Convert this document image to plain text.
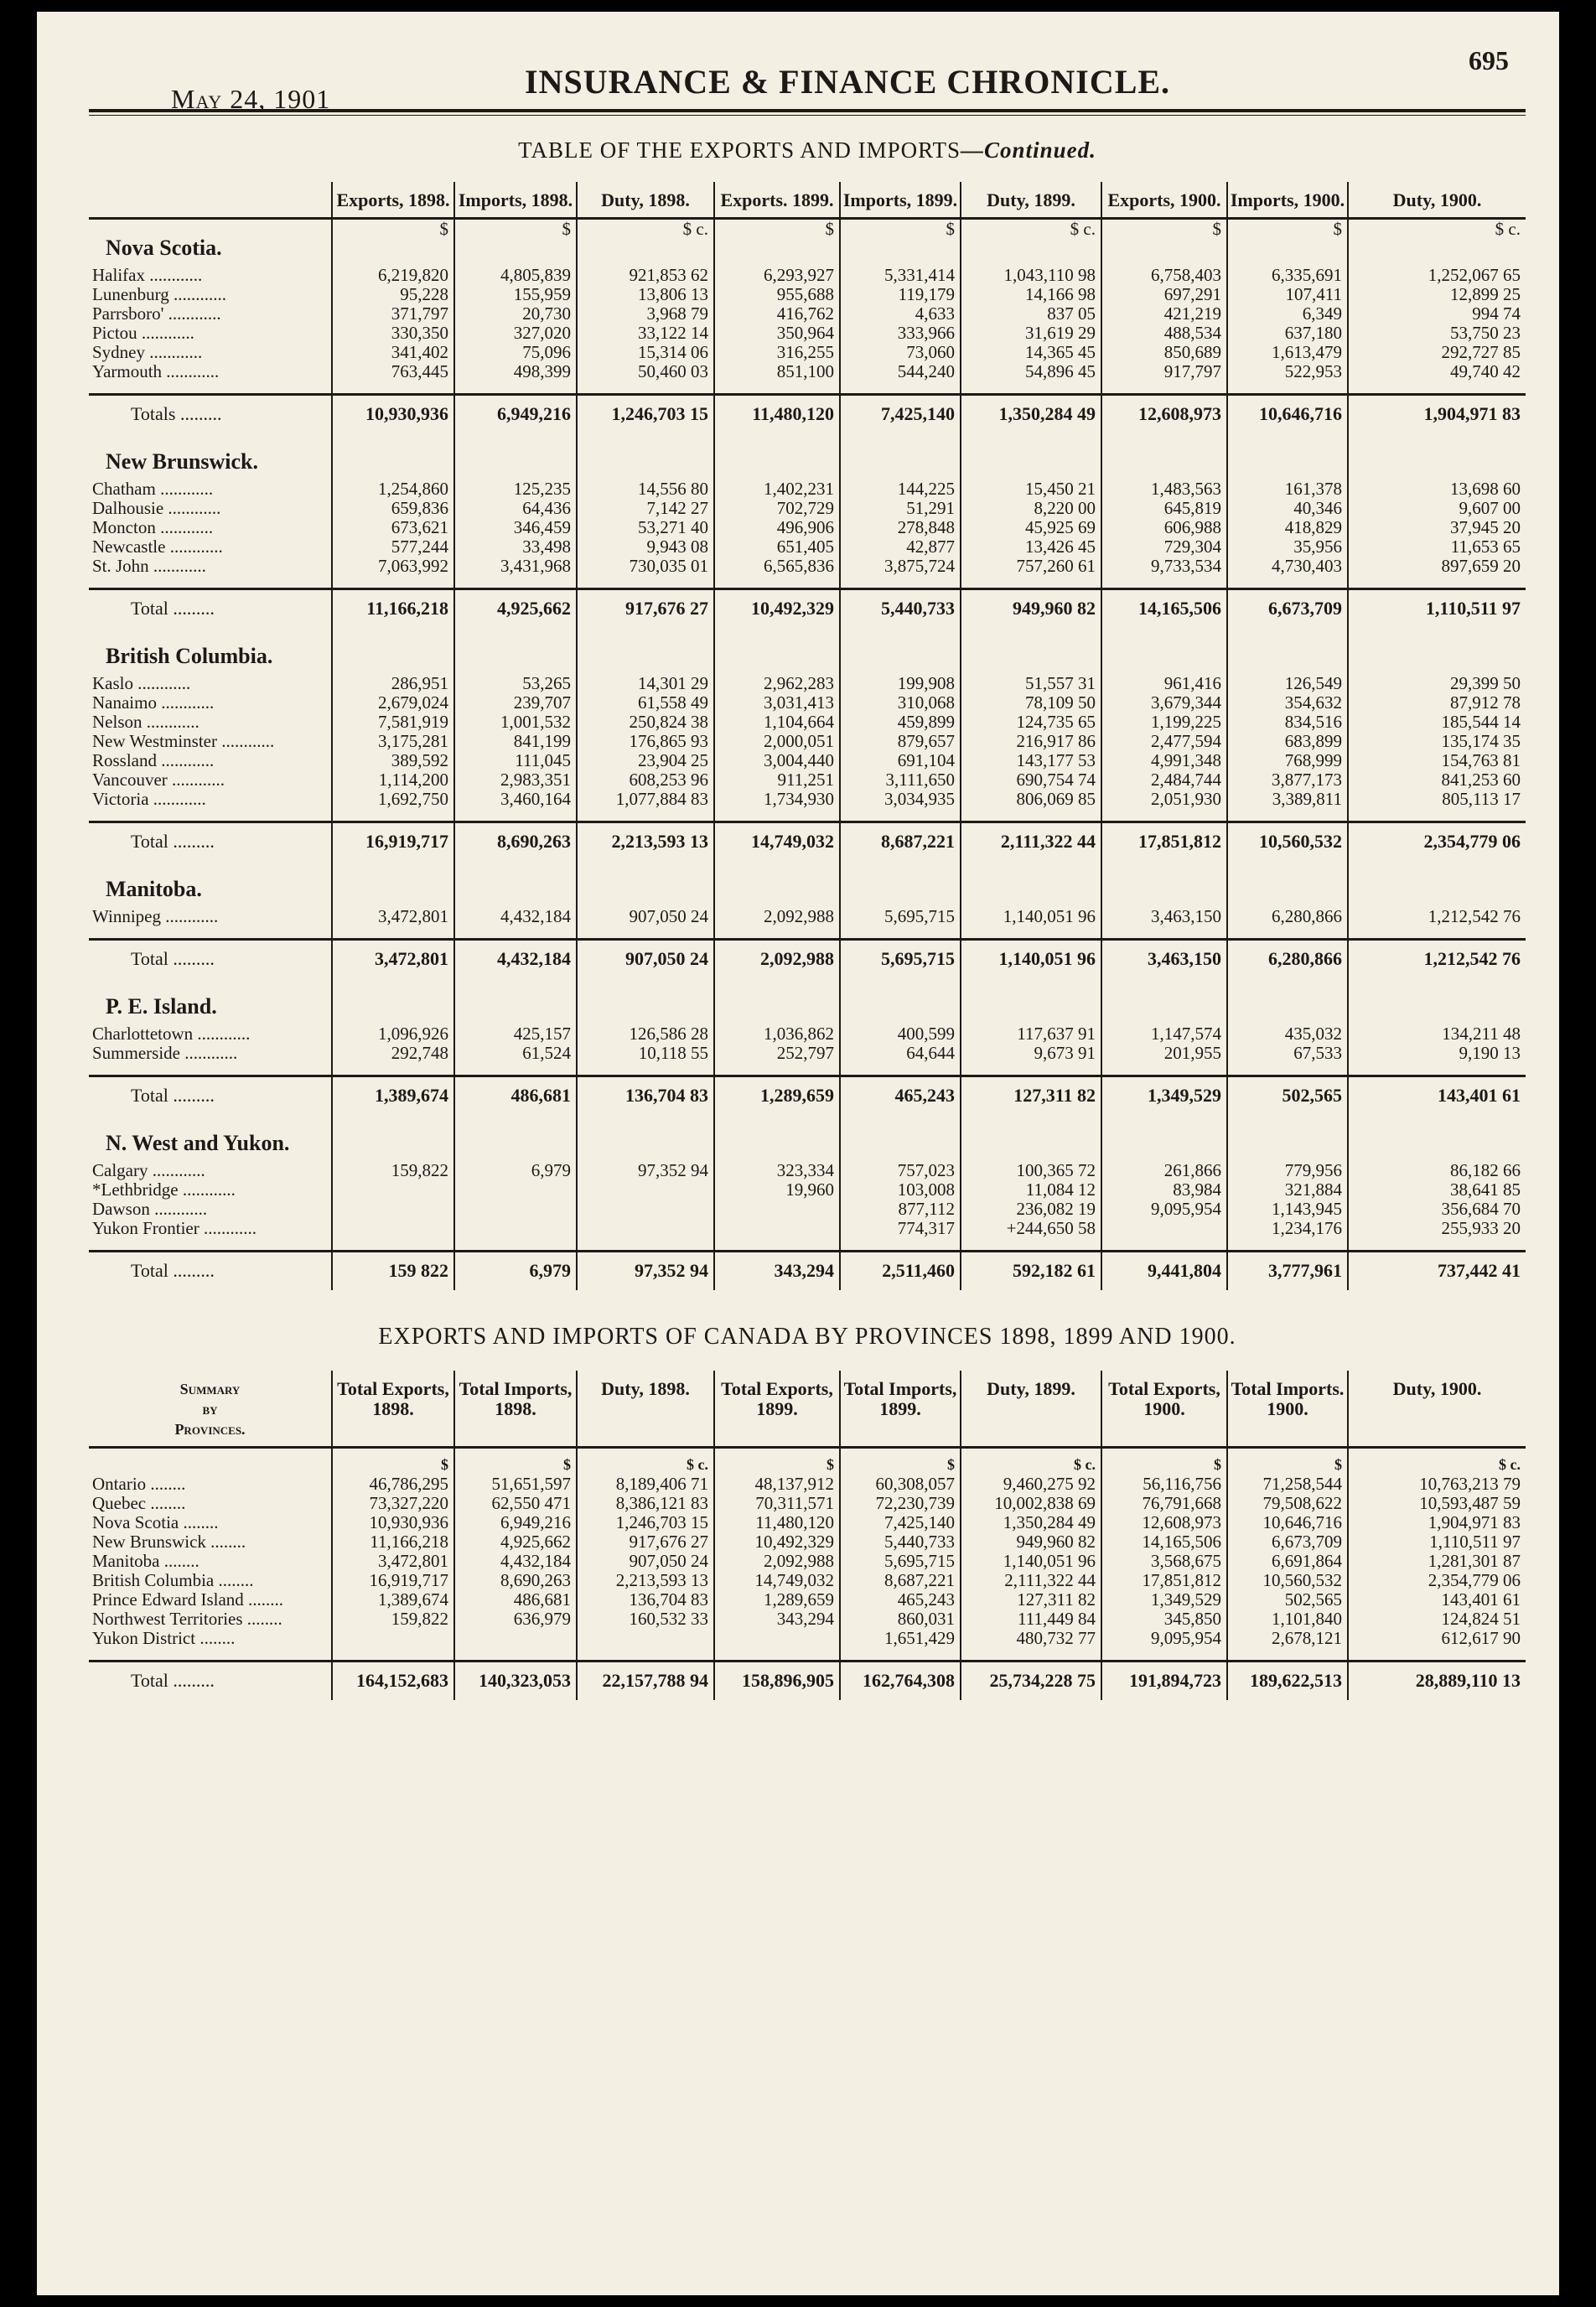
May 24, 1901	INSURANCE & FINANCE CHRONICLE.
695
TABLE OF THE EXPORTS AND IMPORTS—Continued.
	Exports, 1898.	Imports, 1898.	Duty, 1898.	Exports. 1899.	Imports, 1899.	Duty, 1899.	Exports, 1900.	Imports, 1900.	Duty, 1900.
Nova Scotia.	$	$	$ c.	$	$	$ c.	$	$	$ c.
Halifax ............	6,219,820	4,805,839	921,853 62	6,293,927	5,331,414	1,043,110 98	6,758,403	6,335,691	1,252,067 65
Lunenburg ............	95,228	155,959	13,806 13	955,688	119,179	14,166 98	697,291	107,411	12,899 25
Parrsboro' ............	371,797	20,730	3,968 79	416,762	4,633	837 05	421,219	6,349	994 74
Pictou ............	330,350	327,020	33,122 14	350,964	333,966	31,619 29	488,534	637,180	53,750 23
Sydney ............	341,402	75,096	15,314 06	316,255	73,060	14,365 45	850,689	1,613,479	292,727 85
Yarmouth ............	763,445	498,399	50,460 03	851,100	544,240	54,896 45	917,797	522,953	49,740 42

Totals .........	10,930,936	6,949,216	1,246,703 15	11,480,120	7,425,140	1,350,284 49	12,608,973	10,646,716	1,904,971 83
New Brunswick.									
Chatham ............	1,254,860	125,235	14,556 80	1,402,231	144,225	15,450 21	1,483,563	161,378	13,698 60
Dalhousie ............	659,836	64,436	7,142 27	702,729	51,291	8,220 00	645,819	40,346	9,607 00
Moncton ............	673,621	346,459	53,271 40	496,906	278,848	45,925 69	606,988	418,829	37,945 20
Newcastle ............	577,244	33,498	9,943 08	651,405	42,877	13,426 45	729,304	35,956	11,653 65
St. John ............	7,063,992	3,431,968	730,035 01	6,565,836	3,875,724	757,260 61	9,733,534	4,730,403	897,659 20

Total .........	11,166,218	4,925,662	917,676 27	10,492,329	5,440,733	949,960 82	14,165,506	6,673,709	1,110,511 97
British Columbia.									
Kaslo ............	286,951	53,265	14,301 29	2,962,283	199,908	51,557 31	961,416	126,549	29,399 50
Nanaimo ............	2,679,024	239,707	61,558 49	3,031,413	310,068	78,109 50	3,679,344	354,632	87,912 78
Nelson ............	7,581,919	1,001,532	250,824 38	1,104,664	459,899	124,735 65	1,199,225	834,516	185,544 14
New Westminster ............	3,175,281	841,199	176,865 93	2,000,051	879,657	216,917 86	2,477,594	683,899	135,174 35
Rossland ............	389,592	111,045	23,904 25	3,004,440	691,104	143,177 53	4,991,348	768,999	154,763 81
Vancouver ............	1,114,200	2,983,351	608,253 96	911,251	3,111,650	690,754 74	2,484,744	3,877,173	841,253 60
Victoria ............	1,692,750	3,460,164	1,077,884 83	1,734,930	3,034,935	806,069 85	2,051,930	3,389,811	805,113 17

Total .........	16,919,717	8,690,263	2,213,593 13	14,749,032	8,687,221	2,111,322 44	17,851,812	10,560,532	2,354,779 06
Manitoba.									
Winnipeg ............	3,472,801	4,432,184	907,050 24	2,092,988	5,695,715	1,140,051 96	3,463,150	6,280,866	1,212,542 76

Total .........	3,472,801	4,432,184	907,050 24	2,092,988	5,695,715	1,140,051 96	3,463,150	6,280,866	1,212,542 76
P. E. Island.									
Charlottetown ............	1,096,926	425,157	126,586 28	1,036,862	400,599	117,637 91	1,147,574	435,032	134,211 48
Summerside ............	292,748	61,524	10,118 55	252,797	64,644	9,673 91	201,955	67,533	9,190 13

Total .........	1,389,674	486,681	136,704 83	1,289,659	465,243	127,311 82	1,349,529	502,565	143,401 61
N. West and Yukon.									
Calgary ............	159,822	6,979	97,352 94	323,334	757,023	100,365 72	261,866	779,956	86,182 66
*Lethbridge ............				19,960	103,008	11,084 12	83,984	321,884	38,641 85
Dawson ............					877,112	236,082 19	9,095,954	1,143,945	356,684 70
Yukon Frontier ............					774,317	+244,650 58		1,234,176	255,933 20

Total .........	159 822	6,979	97,352 94	343,294	2,511,460	592,182 61	9,441,804	3,777,961	737,442 41
EXPORTS AND IMPORTS OF CANADA BY PROVINCES 1898, 1899 AND 1900.
Summary
by
Provinces.	Total Exports, 1898.	Total Imports, 1898.	Duty, 1898.	Total Exports, 1899.	Total Imports, 1899.	Duty, 1899.	Total Exports, 1900.	Total Imports. 1900.	Duty, 1900.
	$	$	$ c.	$	$	$ c.	$	$	$ c.
Ontario ........	46,786,295	51,651,597	8,189,406 71	48,137,912	60,308,057	9,460,275 92	56,116,756	71,258,544	10,763,213 79
Quebec ........	73,327,220	62,550 471	8,386,121 83	70,311,571	72,230,739	10,002,838 69	76,791,668	79,508,622	10,593,487 59
Nova Scotia ........	10,930,936	6,949,216	1,246,703 15	11,480,120	7,425,140	1,350,284 49	12,608,973	10,646,716	1,904,971 83
New Brunswick ........	11,166,218	4,925,662	917,676 27	10,492,329	5,440,733	949,960 82	14,165,506	6,673,709	1,110,511 97
Manitoba ........	3,472,801	4,432,184	907,050 24	2,092,988	5,695,715	1,140,051 96	3,568,675	6,691,864	1,281,301 87
British Columbia ........	16,919,717	8,690,263	2,213,593 13	14,749,032	8,687,221	2,111,322 44	17,851,812	10,560,532	2,354,779 06
Prince Edward Island ........	1,389,674	486,681	136,704 83	1,289,659	465,243	127,311 82	1,349,529	502,565	143,401 61
Northwest Territories ........	159,822	636,979	160,532 33	343,294	860,031	111,449 84	345,850	1,101,840	124,824 51
Yukon District ........					1,651,429	480,732 77	9,095,954	2,678,121	612,617 90

Total .........	164,152,683	140,323,053	22,157,788 94	158,896,905	162,764,308	25,734,228 75	191,894,723	189,622,513	28,889,110 13
